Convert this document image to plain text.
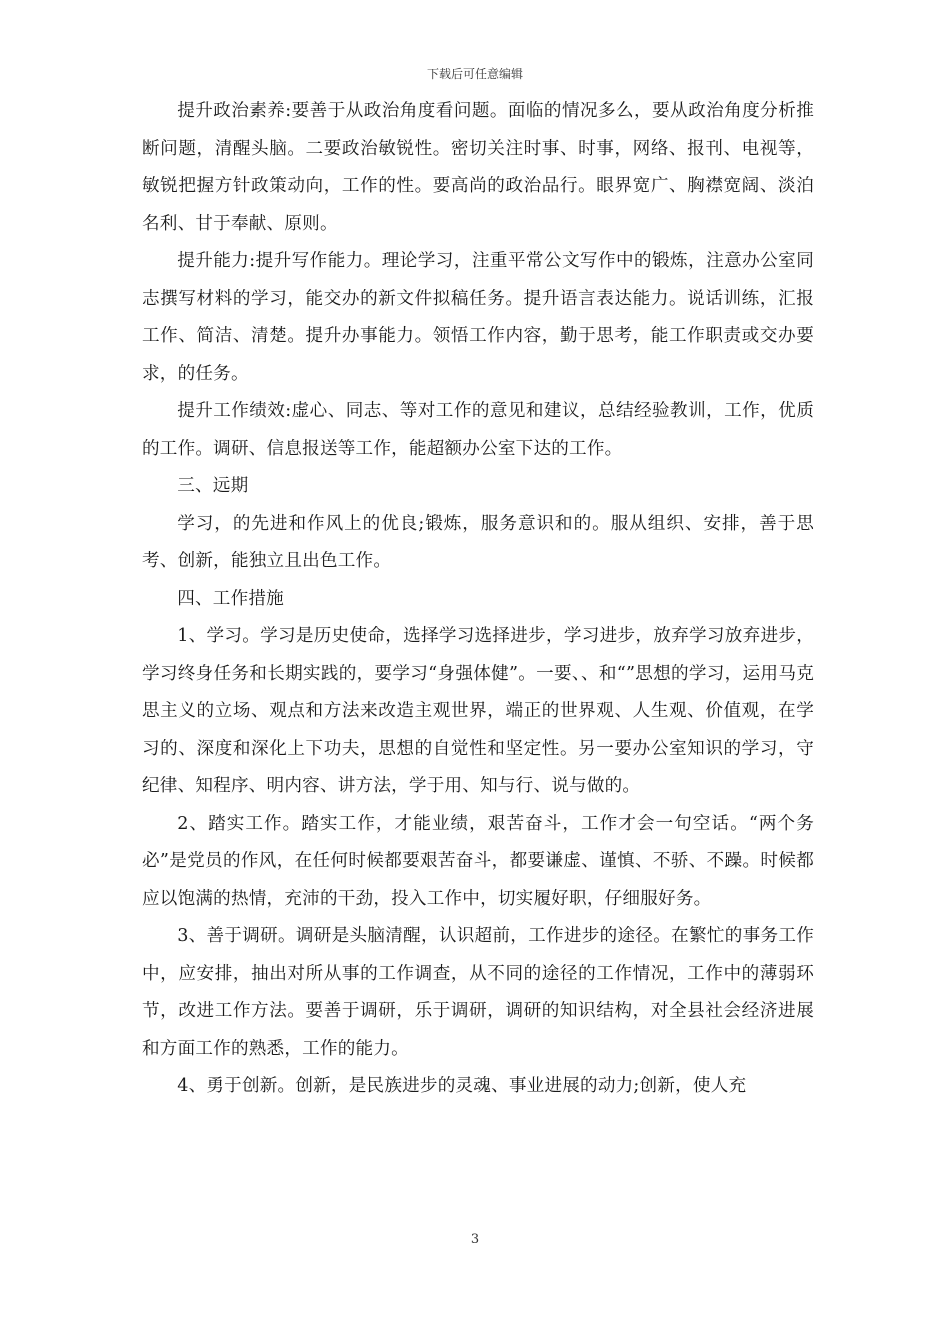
下载后可任意编辑

提升政治素养:要善于从政治角度看问题。面临的情况多么，要从政治角度分析推断问题，清醒头脑。二要政治敏锐性。密切关注时事、时事，网络、报刊、电视等，敏锐把握方针政策动向，工作的性。要高尚的政治品行。眼界宽广、胸襟宽阔、淡泊名利、甘于奉献、原则。

提升能力:提升写作能力。理论学习，注重平常公文写作中的锻炼，注意办公室同志撰写材料的学习，能交办的新文件拟稿任务。提升语言表达能力。说话训练，汇报工作、简洁、清楚。提升办事能力。领悟工作内容，勤于思考，能工作职责或交办要求，的任务。

提升工作绩效:虚心、同志、等对工作的意见和建议，总结经验教训，工作，优质的工作。调研、信息报送等工作，能超额办公室下达的工作。

三、远期

学习，的先进和作风上的优良;锻炼，服务意识和的。服从组织、安排，善于思考、创新，能独立且出色工作。

四、工作措施

1、学习。学习是历史使命，选择学习选择进步，学习进步，放弃学习放弃进步，学习终身任务和长期实践的，要学习“身强体健”。一要、、和“”思想的学习，运用马克思主义的立场、观点和方法来改造主观世界，端正的世界观、人生观、价值观，在学习的、深度和深化上下功夫，思想的自觉性和坚定性。另一要办公室知识的学习，守纪律、知程序、明内容、讲方法，学于用、知与行、说与做的。

2、踏实工作。踏实工作，才能业绩，艰苦奋斗，工作才会一句空话。“两个务必”是党员的作风，在任何时候都要艰苦奋斗，都要谦虚、谨慎、不骄、不躁。时候都应以饱满的热情，充沛的干劲，投入工作中，切实履好职，仔细服好务。

3、善于调研。调研是头脑清醒，认识超前，工作进步的途径。在繁忙的事务工作中，应安排，抽出对所从事的工作调查，从不同的途径的工作情况，工作中的薄弱环节，改进工作方法。要善于调研，乐于调研，调研的知识结构，对全县社会经济进展和方面工作的熟悉，工作的能力。

4、勇于创新。创新，是民族进步的灵魂、事业进展的动力;创新，使人充

3
